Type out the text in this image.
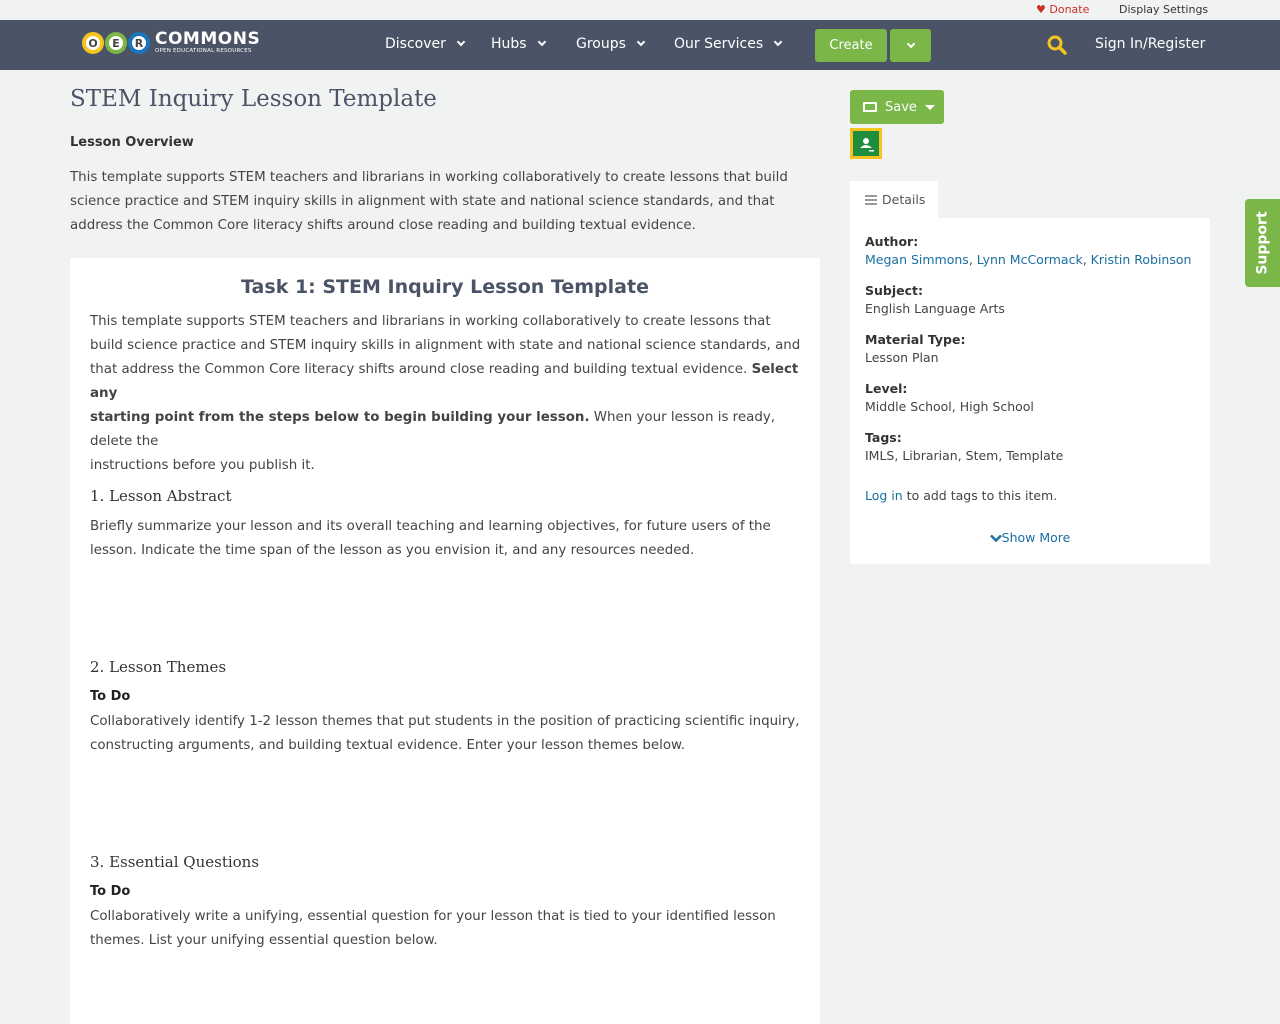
♥ Donate	Display Settings
O	E	R COMMONS
OPEN EDUCATIONAL RESOURCES	Discover	Hubs	Groups	Our Services	Create	Sign In/Register
STEM Inquiry Lesson Template
Lesson Overview

This template supports STEM teachers and librarians in working collaboratively to create lessons that build science practice and STEM inquiry skills in alignment with state and national science standards, and that address the Common Core literacy shifts around close reading and building textual evidence.

Task 1: STEM Inquiry Lesson Template
This template supports STEM teachers and librarians in working collaboratively to create lessons that
build science practice and STEM inquiry skills in alignment with state and national science standards, and
that address the Common Core literacy shifts around close reading and building textual evidence. Select any
starting point from the steps below to begin building your lesson. When your lesson is ready, delete the
instructions before you publish it.
1. Lesson Abstract

Briefly summarize your lesson and its overall teaching and learning objectives, for future users of the lesson. Indicate the time span of the lesson as you envision it, and any resources needed.

2. Lesson Themes
To Do

Collaboratively identify 1-2 lesson themes that put students in the position of practicing scientific inquiry, constructing arguments, and building textual evidence. Enter your lesson themes below.

3. Essential Questions
To Do

Collaboratively write a unifying, essential question for your lesson that is tied to your identified lesson themes. List your unifying essential question below.

Save
Details
Author:
Megan Simmons, Lynn McCormack, Kristin Robinson
Subject:
English Language Arts
Material Type:
Lesson Plan
Level:
Middle School, High School
Tags:
IMLS, Librarian, Stem, Template
Log in to add tags to this item.
Show More
Support
